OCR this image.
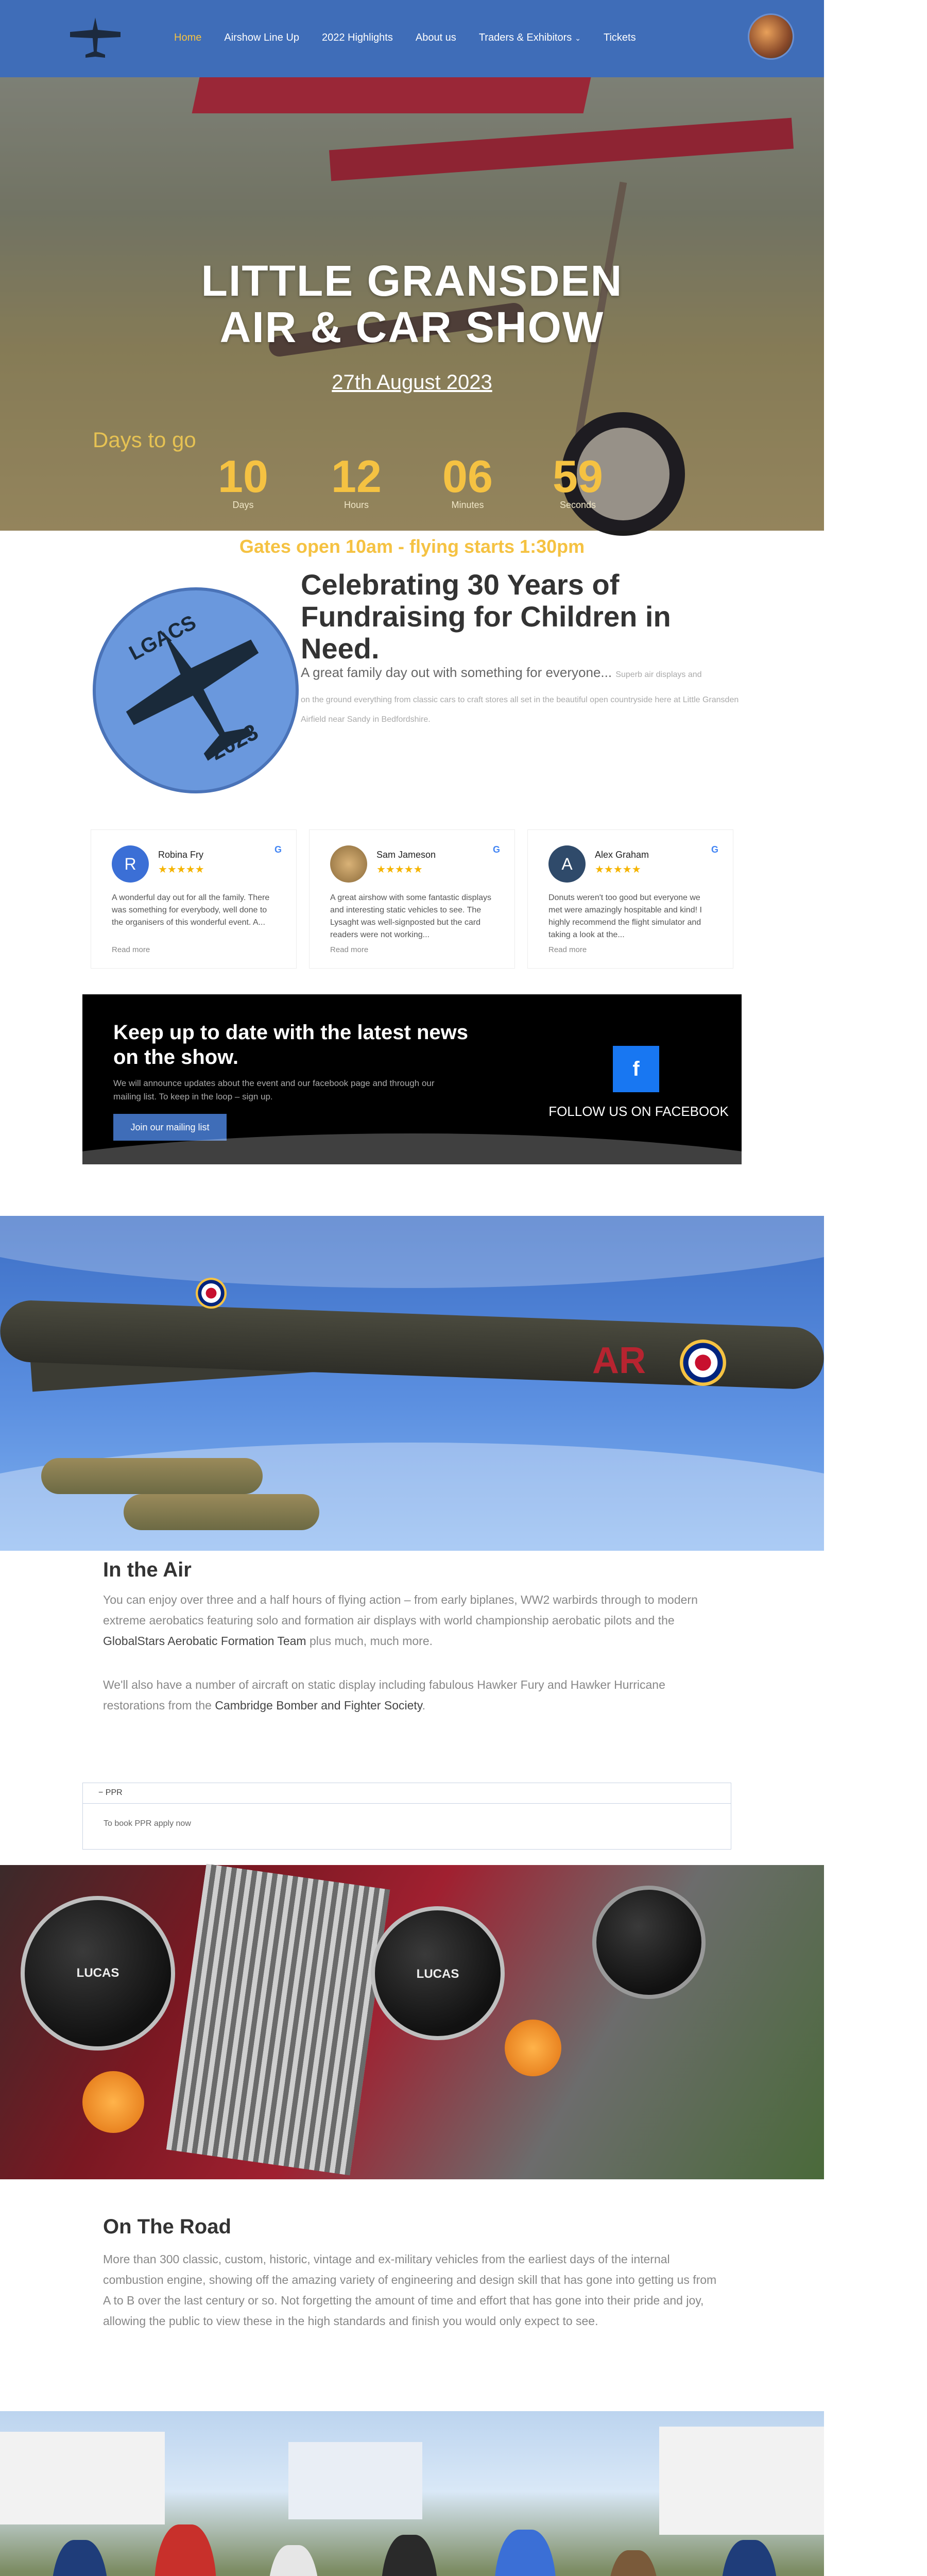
Home Airshow Line Up 2022 Highlights About us Traders & Exhibitors ⌄ Tickets
LITTLE GRANSDEN
AIR & CAR SHOW
27th August 2023
Days to go
10
Days
12
Hours
06
Minutes
59
Seconds
Gates open 10am - flying starts 1:30pm
LGACS
2023
Celebrating 30 Years of Fundraising for Children in Need.
A great family day out with something for everyone... Superb air displays and

on the ground everything from classic cars to craft stores all set in the beautiful open countryside here at Little Gransden Airfield near Sandy in Bedfordshire.

R	Robina Fry
★★★★★
G
A wonderful day out for all the family. There was something for everybody, well done to the organisers of this wonderful event. A...
Read more
Sam Jameson
★★★★★
G
A great airshow with some fantastic displays and interesting static vehicles to see. The Lysaght was well-signposted but the card readers were not working...
Read more
A	Alex Graham
★★★★★
G
Donuts weren't too good but everyone we met were amazingly hospitable and kind! I highly recommend the flight simulator and taking a look at the...
Read more
Keep up to date with the latest news on the show.

We will announce updates about the event and our facebook page and through our mailing list. To keep in the loop – sign up.

Join our mailing list
f
FOLLOW US ON FACEBOOK
AR
In the Air

You can enjoy over three and a half hours of flying action – from early biplanes, WW2 warbirds through to modern extreme aerobatics featuring solo and formation air displays with world championship aerobatic pilots and the GlobalStars Aerobatic Formation Team plus much, much more.

We'll also have a number of aircraft on static display including fabulous Hawker Fury and Hawker Hurricane restorations from the Cambridge Bomber and Fighter Society.

− PPR
To book PPR apply now
LUCAS	LUCAS
On The Road

More than 300 classic, custom, historic, vintage and ex-military vehicles from the earliest days of the internal combustion engine, showing off the amazing variety of engineering and design skill that has gone into getting us from A to B over the last century or so. Not forgetting the amount of time and effort that has gone into their pride and joy, allowing the public to view these in the high standards and finish you would only expect to see.
